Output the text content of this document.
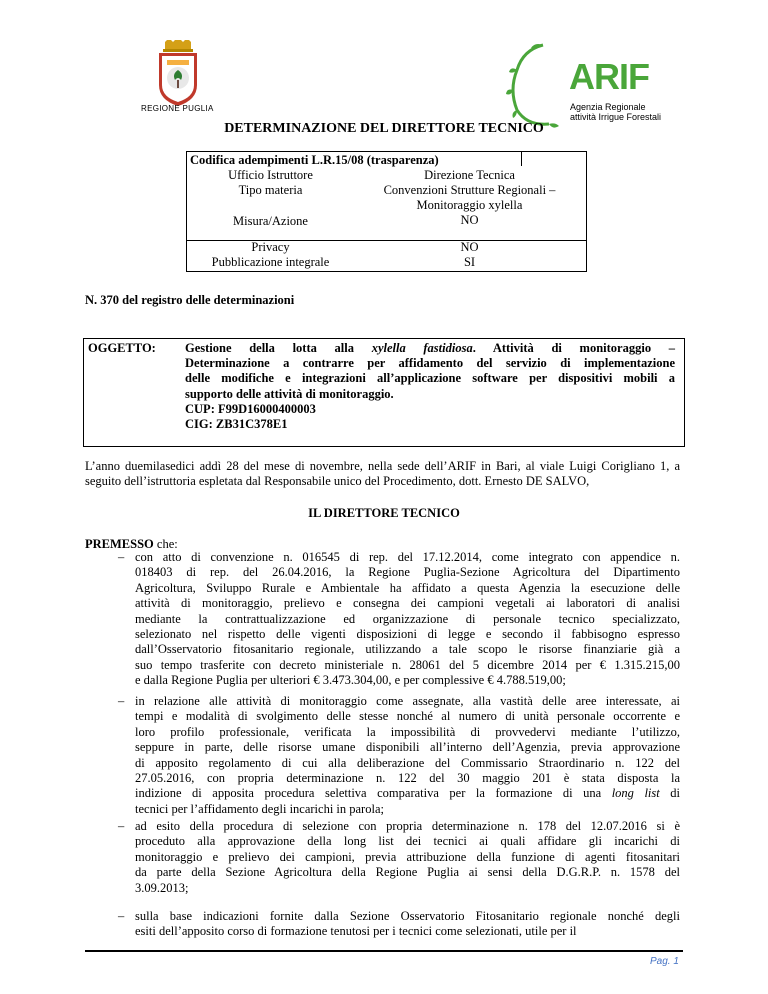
REGIONE PUGLIA
ARIF
Agenzia Regionale
attività Irrigue Forestali
DETERMINAZIONE DEL DIRETTORE TECNICO
Codifica adempimenti L.R.15/08 (trasparenza)
Ufficio Istruttore	Direzione Tecnica
Tipo materia	Convenzioni Strutture Regionali –
Monitoraggio xylella
Misura/Azione	NO
Privacy	NO
Pubblicazione integrale	SI
N. 370 del registro delle determinazioni
OGGETTO: Gestione della lotta alla xylella fastidiosa. Attività di monitoraggio –
Determinazione a contrarre per affidamento del servizio di implementazione
delle modifiche e integrazioni all’applicazione software per dispositivi mobili a
supporto delle attività di monitoraggio.
CUP: F99D16000400003
CIG: ZB31C378E1
L’anno duemilasedici addì 28 del mese di novembre, nella sede dell’ARIF in Bari, al viale Luigi Corigliano 1, a seguito dell’istruttoria espletata dal Responsabile unico del Procedimento, dott. Ernesto DE SALVO,
IL DIRETTORE TECNICO
PREMESSO che:
– con atto di convenzione n. 016545 di rep. del 17.12.2014, come integrato con appendice n.
018403 di rep. del 26.04.2016, la Regione Puglia-Sezione Agricoltura del Dipartimento
Agricoltura, Sviluppo Rurale e Ambientale ha affidato a questa Agenzia la esecuzione delle
attività di monitoraggio, prelievo e consegna dei campioni vegetali ai laboratori di analisi
mediante la contrattualizzazione ed organizzazione di personale tecnico specializzato,
selezionato nel rispetto delle vigenti disposizioni di legge e secondo il fabbisogno espresso
dall’Osservatorio fitosanitario regionale, utilizzando a tale scopo le risorse finanziarie già a
suo tempo trasferite con decreto ministeriale n. 28061 del 5 dicembre 2014 per € 1.315.215,00
e dalla Regione Puglia per ulteriori € 3.473.304,00, e per complessive € 4.788.519,00;
– in relazione alle attività di monitoraggio come assegnate, alla vastità delle aree interessate, ai
tempi e modalità di svolgimento delle stesse nonché al numero di unità personale occorrente e
loro profilo professionale, verificata la impossibilità di provvedervi mediante l’utilizzo,
seppure in parte, delle risorse umane disponibili all’interno dell’Agenzia, previa approvazione
di apposito regolamento di cui alla deliberazione del Commissario Straordinario n. 122 del
27.05.2016, con propria determinazione n. 122 del 30 maggio 201 è stata disposta la
indizione di apposita procedura selettiva comparativa per la formazione di una long list di
tecnici per l’affidamento degli incarichi in parola;
– ad esito della procedura di selezione con propria determinazione n. 178 del 12.07.2016 si è
proceduto alla approvazione della long list dei tecnici ai quali affidare gli incarichi di
monitoraggio e prelievo dei campioni, previa attribuzione della funzione di agenti fitosanitari
da parte della Sezione Agricoltura della Regione Puglia ai sensi della D.G.R.P. n. 1578 del
3.09.2013;
– sulla base indicazioni fornite dalla Sezione Osservatorio Fitosanitario regionale nonché degli
esiti dell’apposito corso di formazione tenutosi per i tecnici come selezionati, utile per il
Pag. 1
